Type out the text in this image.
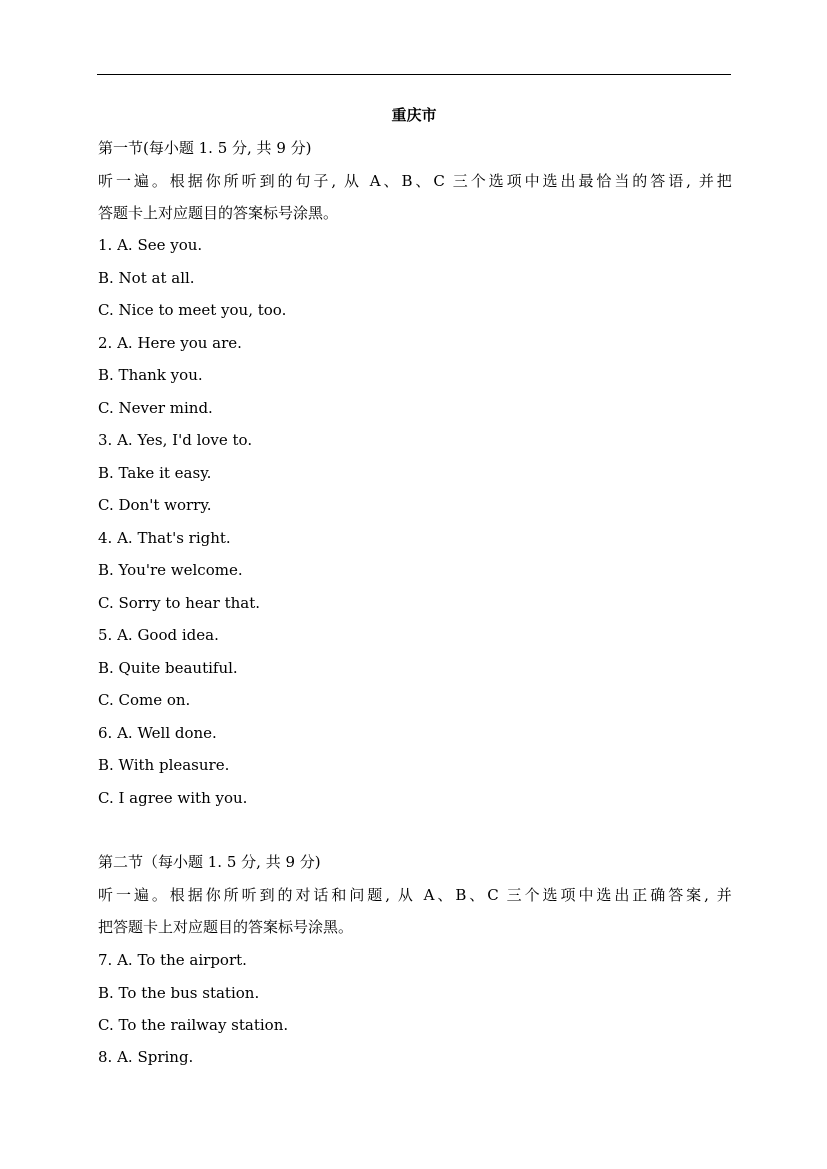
重庆市
第一节(每小题 1. 5 分, 共 9 分)
听一遍。根据你所听到的句子, 从 A、B、C 三个选项中选出最恰当的答语, 并把
答题卡上对应题目的答案标号涂黑。
1. A. See you.
B. Not at all.
C. Nice to meet you, too.
2. A. Here you are.
B. Thank you.
C. Never mind.
3. A. Yes, I'd love to.
B. Take it easy.
C. Don't worry.
4. A. That's right.
B. You're welcome.
C. Sorry to hear that.
5. A. Good idea.
B. Quite beautiful.
C. Come on.
6. A. Well done.
B. With pleasure.
C. I agree with you.
第二节（每小题 1. 5 分, 共 9 分)
听一遍。根据你所听到的对话和问题, 从 A、B、C 三个选项中选出正确答案, 并
把答题卡上对应题目的答案标号涂黑。
7. A. To the airport.
B. To the bus station.
C. To the railway station.
8. A. Spring.
